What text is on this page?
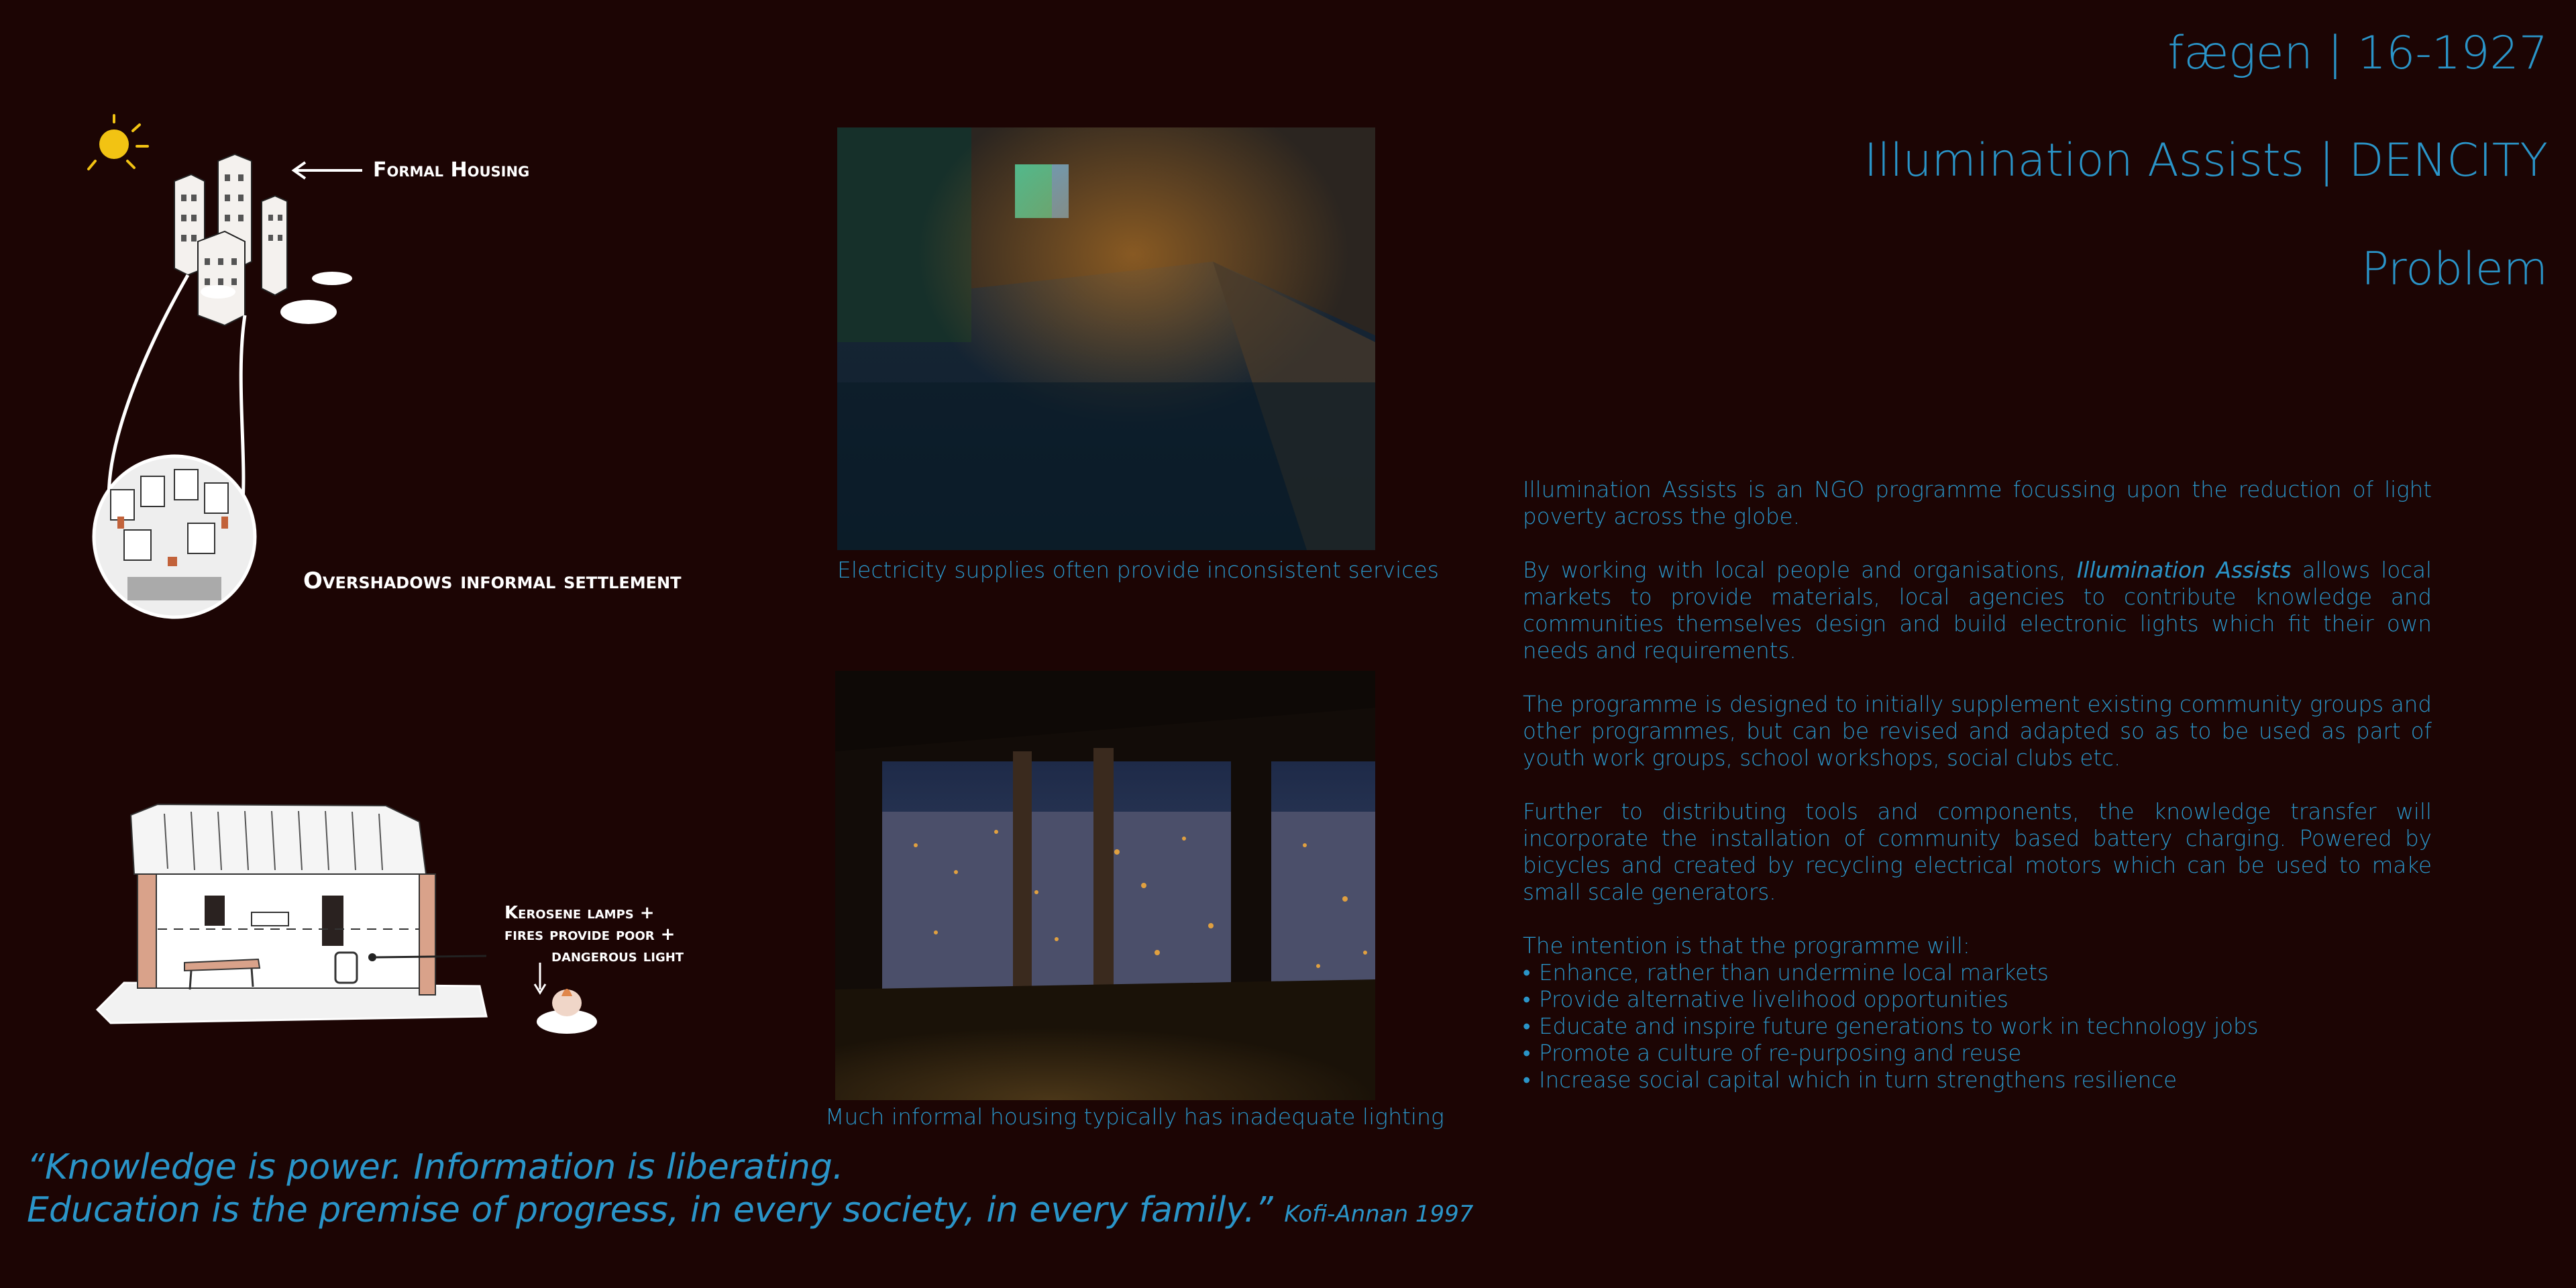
fægen | 16-1927
Illumination Assists | DENCITY
Problem
Formal Housing
Overshadows informal settlement
Kerosene lamps +
fires provide poor +
dangerous light
Electricity supplies often provide inconsistent services
Much informal housing typically has inadequate lighting

Illumination Assists is an NGO programme focussing upon the reduction of light poverty across the globe.

By working with local people and organisations, Illumination Assists allows local markets to provide materials, local agencies to contribute knowledge and communities themselves design and build electronic lights which fit their own needs and requirements.

The programme is designed to initially supplement existing community groups and other programmes, but can be revised and adapted so as to be used as part of youth work groups, school workshops, social clubs etc.

Further to distributing tools and components, the knowledge transfer will incorporate the installation of community based battery charging. Powered by bicycles and created by recycling electrical motors which can be used to make small scale generators.

The intention is that the programme will:
• Enhance, rather than undermine local markets
• Provide alternative livelihood opportunities
• Educate and inspire future generations to work in technology jobs
• Promote a culture of re-purposing and reuse
• Increase social capital which in turn strengthens resilience
“Knowledge is power. Information is liberating.
Education is the premise of progress, in every society, in every family.” Kofi-Annan 1997
